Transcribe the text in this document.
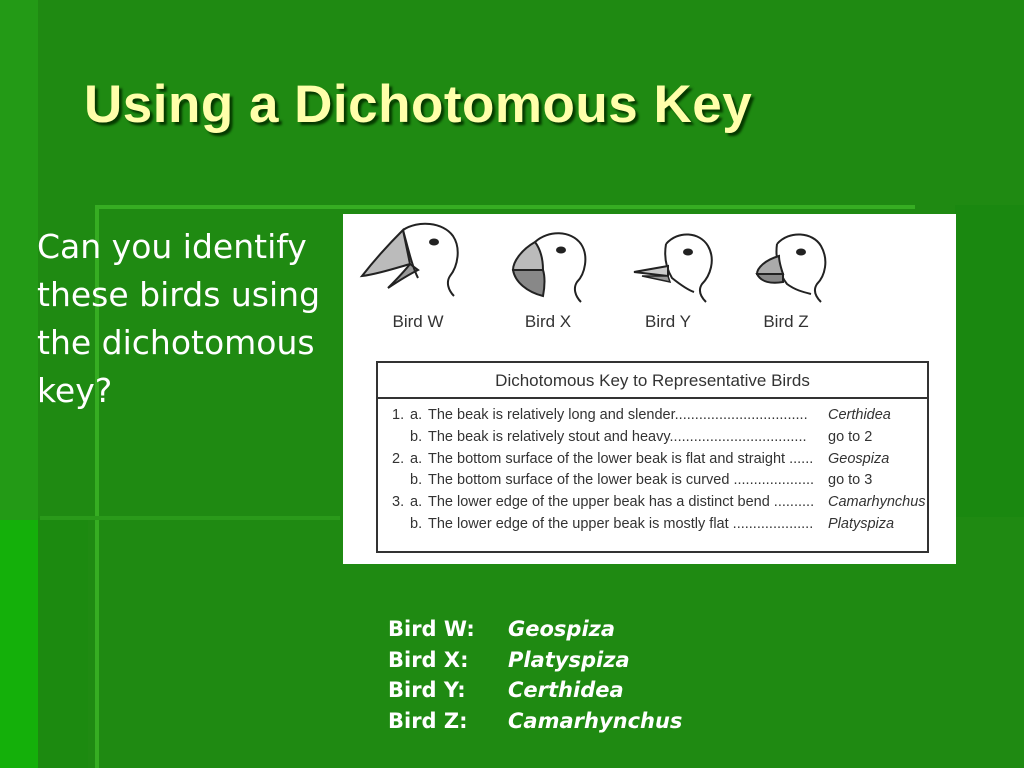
Using a Dichotomous Key
Can you identify these birds using the dichotomous key?
Bird W	Bird X	Bird Y	Bird Z
Dichotomous Key to Representative Birds
1. a. The beak is relatively long and slender.................................	Certhidea
b. The beak is relatively stout and heavy..................................	go to 2
2. a. The bottom surface of the lower beak is flat and straight ......	Geospiza
b. The bottom surface of the lower beak is curved .................... go to 3
3. a. The lower edge of the upper beak has a distinct bend .......... Camarhynchus
b. The lower edge of the upper beak is mostly flat ....................	Platyspiza
Bird W:	Geospiza
Bird X:	Platyspiza
Bird Y:	Certhidea
Bird Z:	Camarhynchus
